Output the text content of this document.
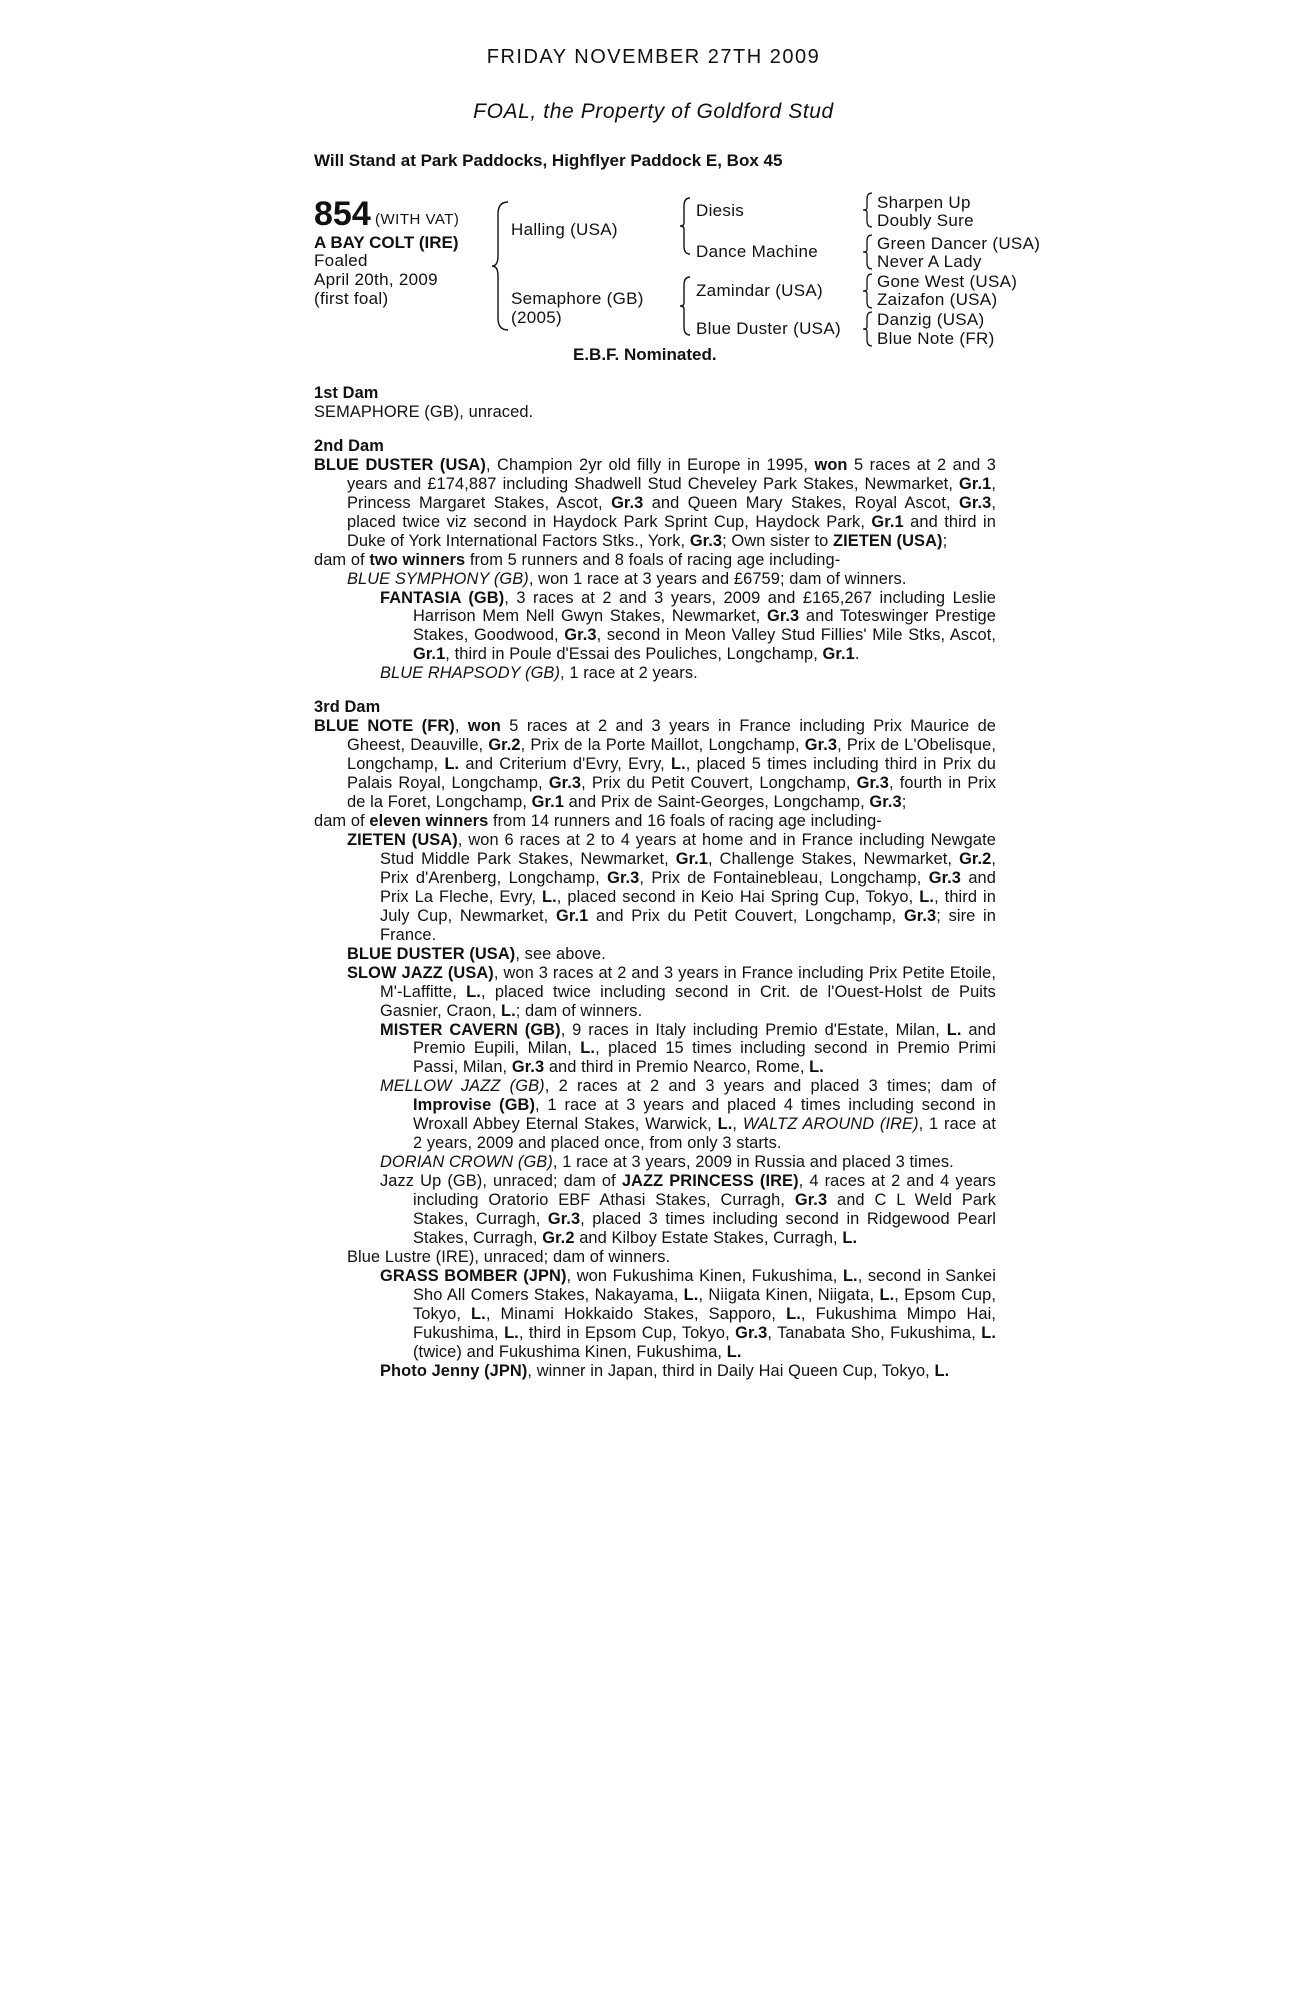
FRIDAY NOVEMBER 27TH 2009
FOAL, the Property of Goldford Stud
Will Stand at Park Paddocks, Highflyer Paddock E, Box 45
854 (WITH VAT)
A BAY COLT (IRE)
Foaled
April 20th, 2009
(first foal)
Halling (USA)
Semaphore (GB)
(2005)
Diesis
Dance Machine
Zamindar (USA)
Blue Duster (USA)
Sharpen Up
Doubly Sure
Green Dancer (USA)
Never A Lady
Gone West (USA)
Zaizafon (USA)
Danzig (USA)
Blue Note (FR)
E.B.F. Nominated.
1st Dam
SEMAPHORE (GB), unraced.
2nd Dam
BLUE DUSTER (USA), Champion 2yr old filly in Europe in 1995, won 5 races at 2 and 3 years and £174,887 including Shadwell Stud Cheveley Park Stakes, Newmarket, Gr.1, Princess Margaret Stakes, Ascot, Gr.3 and Queen Mary Stakes, Royal Ascot, Gr.3, placed twice viz second in Haydock Park Sprint Cup, Haydock Park, Gr.1 and third in Duke of York International Factors Stks., York, Gr.3; Own sister to ZIETEN (USA);
dam of two winners from 5 runners and 8 foals of racing age including-
BLUE SYMPHONY (GB), won 1 race at 3 years and £6759; dam of winners.
FANTASIA (GB), 3 races at 2 and 3 years, 2009 and £165,267 including Leslie Harrison Mem Nell Gwyn Stakes, Newmarket, Gr.3 and Toteswinger Prestige Stakes, Goodwood, Gr.3, second in Meon Valley Stud Fillies' Mile Stks, Ascot, Gr.1, third in Poule d'Essai des Pouliches, Longchamp, Gr.1.
BLUE RHAPSODY (GB), 1 race at 2 years.
3rd Dam
BLUE NOTE (FR), won 5 races at 2 and 3 years in France including Prix Maurice de Gheest, Deauville, Gr.2, Prix de la Porte Maillot, Longchamp, Gr.3, Prix de L'Obelisque, Longchamp, L. and Criterium d'Evry, Evry, L., placed 5 times including third in Prix du Palais Royal, Longchamp, Gr.3, Prix du Petit Couvert, Longchamp, Gr.3, fourth in Prix de la Foret, Longchamp, Gr.1 and Prix de Saint-Georges, Longchamp, Gr.3;
dam of eleven winners from 14 runners and 16 foals of racing age including-
ZIETEN (USA), won 6 races at 2 to 4 years at home and in France including Newgate Stud Middle Park Stakes, Newmarket, Gr.1, Challenge Stakes, Newmarket, Gr.2, Prix d'Arenberg, Longchamp, Gr.3, Prix de Fontainebleau, Longchamp, Gr.3 and Prix La Fleche, Evry, L., placed second in Keio Hai Spring Cup, Tokyo, L., third in July Cup, Newmarket, Gr.1 and Prix du Petit Couvert, Longchamp, Gr.3; sire in France.
BLUE DUSTER (USA), see above.
SLOW JAZZ (USA), won 3 races at 2 and 3 years in France including Prix Petite Etoile, M'-Laffitte, L., placed twice including second in Crit. de l'Ouest-Holst de Puits Gasnier, Craon, L.; dam of winners.
MISTER CAVERN (GB), 9 races in Italy including Premio d'Estate, Milan, L. and Premio Eupili, Milan, L., placed 15 times including second in Premio Primi Passi, Milan, Gr.3 and third in Premio Nearco, Rome, L.
MELLOW JAZZ (GB), 2 races at 2 and 3 years and placed 3 times; dam of Improvise (GB), 1 race at 3 years and placed 4 times including second in Wroxall Abbey Eternal Stakes, Warwick, L., WALTZ AROUND (IRE), 1 race at 2 years, 2009 and placed once, from only 3 starts.
DORIAN CROWN (GB), 1 race at 3 years, 2009 in Russia and placed 3 times.
Jazz Up (GB), unraced; dam of JAZZ PRINCESS (IRE), 4 races at 2 and 4 years including Oratorio EBF Athasi Stakes, Curragh, Gr.3 and C L Weld Park Stakes, Curragh, Gr.3, placed 3 times including second in Ridgewood Pearl Stakes, Curragh, Gr.2 and Kilboy Estate Stakes, Curragh, L.
Blue Lustre (IRE), unraced; dam of winners.
GRASS BOMBER (JPN), won Fukushima Kinen, Fukushima, L., second in Sankei Sho All Comers Stakes, Nakayama, L., Niigata Kinen, Niigata, L., Epsom Cup, Tokyo, L., Minami Hokkaido Stakes, Sapporo, L., Fukushima Mimpo Hai, Fukushima, L., third in Epsom Cup, Tokyo, Gr.3, Tanabata Sho, Fukushima, L. (twice) and Fukushima Kinen, Fukushima, L.
Photo Jenny (JPN), winner in Japan, third in Daily Hai Queen Cup, Tokyo, L.
